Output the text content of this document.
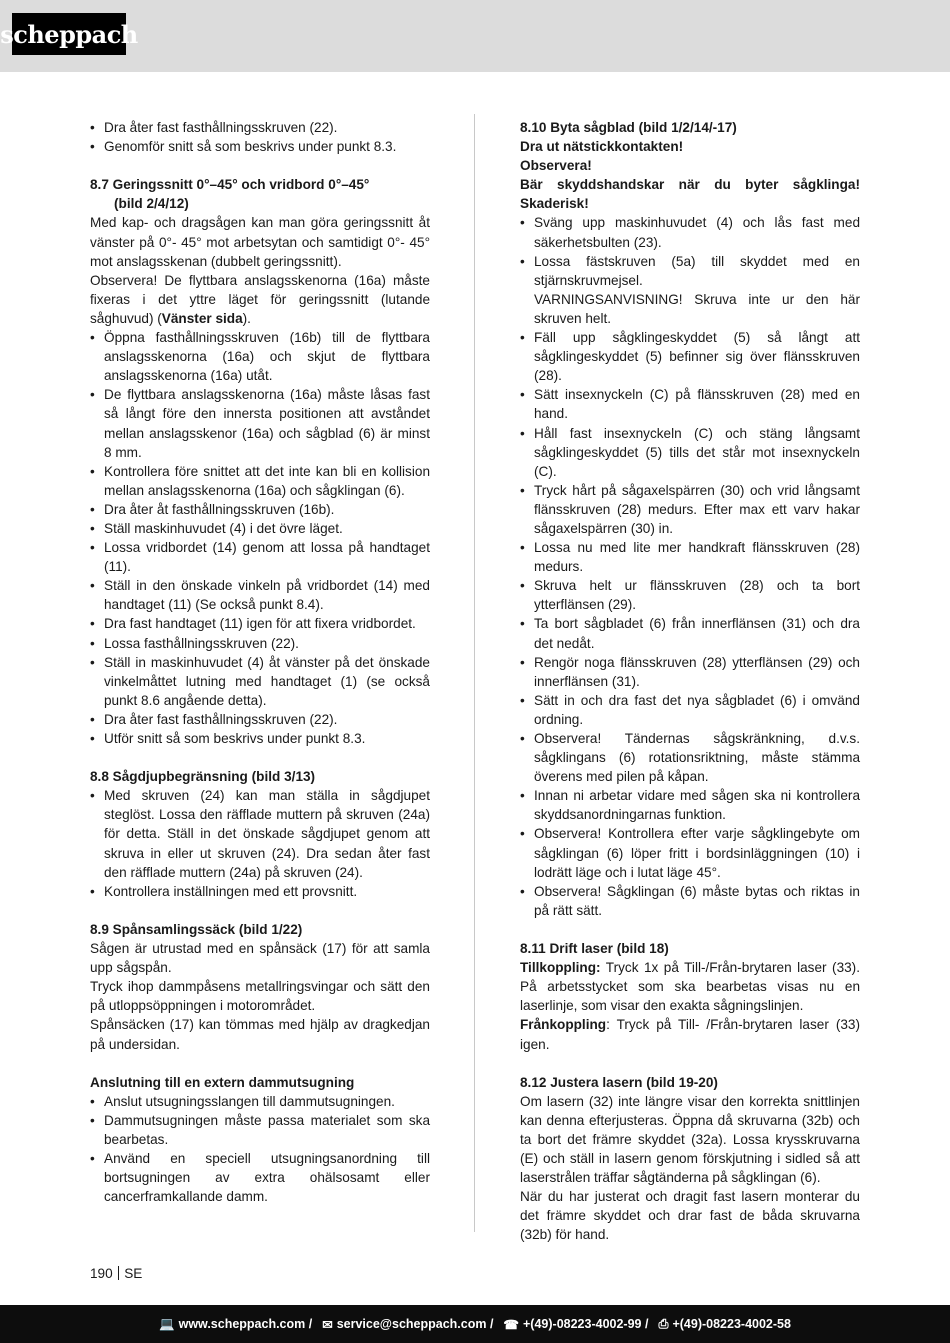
scheppach
• Dra åter fast fasthållningsskruven (22).
• Genomför snitt så som beskrivs under punkt 8.3.

8.7 Geringssnitt 0°–45° och vridbord 0°–45°

(bild 2/4/12)

Med kap- och dragsågen kan man göra geringssnitt åt vänster på 0°- 45° mot arbetsytan och samtidigt 0°- 45° mot anslagsskenan (dubbelt geringssnitt).

Observera! De flyttbara anslagsskenorna (16a) måste fixeras i det yttre läget för geringssnitt (lutande såghuvud) (Vänster sida).

• Öppna fasthållningsskruven (16b) till de flyttbara anslagsskenorna (16a) och skjut de flyttbara anslagsskenorna (16a) utåt.
• De flyttbara anslagsskenorna (16a) måste låsas fast så långt före den innersta positionen att avståndet mellan anslagsskenor (16a) och sågblad (6) är minst 8 mm.
• Kontrollera före snittet att det inte kan bli en kollision mellan anslagsskenorna (16a) och sågklingan (6).
• Dra åter åt fasthållningsskruven (16b).
• Ställ maskinhuvudet (4) i det övre läget.
• Lossa vridbordet (14) genom att lossa på handtaget (11).
• Ställ in den önskade vinkeln på vridbordet (14) med handtaget (11) (Se också punkt 8.4).
• Dra fast handtaget (11) igen för att fixera vridbordet.
• Lossa fasthållningsskruven (22).
• Ställ in maskinhuvudet (4) åt vänster på det önskade vinkelmåttet lutning med handtaget (1) (se också punkt 8.6 angående detta).
• Dra åter fast fasthållningsskruven (22).
• Utför snitt så som beskrivs under punkt 8.3.

8.8 Sågdjupbegränsning (bild 3/13)

• Med skruven (24) kan man ställa in sågdjupet steglöst. Lossa den räfflade muttern på skruven (24a) för detta. Ställ in det önskade sågdjupet genom att skruva in eller ut skruven (24). Dra sedan åter fast den räfflade muttern (24a) på skruven (24).
• Kontrollera inställningen med ett provsnitt.

8.9 Spånsamlingssäck (bild 1/22)

Sågen är utrustad med en spånsäck (17) för att samla upp sågspån.

Tryck ihop dammpåsens metallringsvingar och sätt den på utloppsöppningen i motorområdet.

Spånsäcken (17) kan tömmas med hjälp av dragkedjan på undersidan.

Anslutning till en extern dammutsugning

• Anslut utsugningsslangen till dammutsugningen.
• Dammutsugningen måste passa materialet som ska bearbetas.
• Använd en speciell utsugningsanordning till bortsugningen av extra ohälsosamt eller cancerframkallande damm.

8.10 Byta sågblad (bild 1/2/14/-17)

Dra ut nätstickkontakten!

Observera!

Bär skyddshandskar när du byter sågklinga! Skaderisk!

• Sväng upp maskinhuvudet (4) och lås fast med säkerhetsbulten (23).
• Lossa fästskruven (5a) till skyddet med en stjärnskruvmejsel.
VARNINGSANVISNING! Skruva inte ur den här skruven helt.
• Fäll upp sågklingeskyddet (5) så långt att sågklingeskyddet (5) befinner sig över flänsskruven (28).
• Sätt insexnyckeln (C) på flänsskruven (28) med en hand.
• Håll fast insexnyckeln (C) och stäng långsamt sågklingeskyddet (5) tills det står mot insexnyckeln (C).
• Tryck hårt på sågaxelspärren (30) och vrid långsamt flänsskruven (28) medurs. Efter max ett varv hakar sågaxelspärren (30) in.
• Lossa nu med lite mer handkraft flänsskruven (28) medurs.
• Skruva helt ur flänsskruven (28) och ta bort ytterflänsen (29).
• Ta bort sågbladet (6) från innerflänsen (31) och dra det nedåt.
• Rengör noga flänsskruven (28) ytterflänsen (29) och innerflänsen (31).
• Sätt in och dra fast det nya sågbladet (6) i omvänd ordning.
• Observera! Tändernas sågskränkning, d.v.s. sågklingans (6) rotationsriktning, måste stämma överens med pilen på kåpan.
• Innan ni arbetar vidare med sågen ska ni kontrollera skyddsanordningarnas funktion.
• Observera! Kontrollera efter varje sågklingebyte om sågklingan (6) löper fritt i bordsinläggningen (10) i lodrätt läge och i lutat läge 45°.
• Observera! Sågklingan (6) måste bytas och riktas in på rätt sätt.

8.11 Drift laser (bild 18)

Tillkoppling: Tryck 1x på Till-/Från-brytaren laser (33). På arbetsstycket som ska bearbetas visas nu en laserlinje, som visar den exakta sågningslinjen.

Frånkoppling: Tryck på Till- /Från-brytaren laser (33) igen.

8.12 Justera lasern (bild 19-20)

Om lasern (32) inte längre visar den korrekta snittlinjen kan denna efterjusteras. Öppna då skruvarna (32b) och ta bort det främre skyddet (32a). Lossa krysskruvarna (E) och ställ in lasern genom förskjutning i sidled så att laserstrålen träffar sågtänderna på sågklingan (6).

När du har justerat och dragit fast lasern monterar du det främre skyddet och drar fast de båda skruvarna (32b) för hand.

190 SE
💻 www.scheppach.com / ✉ service@scheppach.com / ☎ +(49)-08223-4002-99 / ⎙ +(49)-08223-4002-58
